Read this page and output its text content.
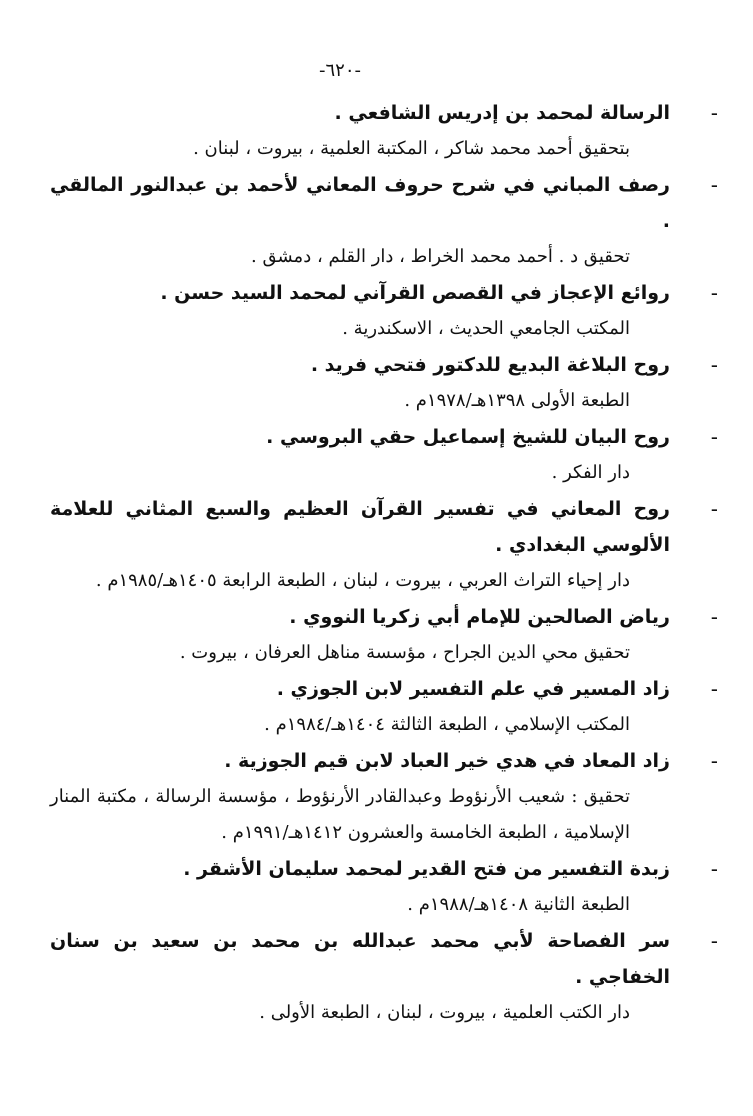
-٦٢٠-
-
الرسالة لمحمد بن إدريس الشافعي .
بتحقيق أحمد محمد شاكر ، المكتبة العلمية ، بيروت ، لبنان .
-
رصف المباني في شرح حروف المعاني لأحمد بن عبدالنور المالقي .
تحقيق د . أحمد محمد الخراط ، دار القلم ، دمشق .
-
روائع الإعجاز في القصص القرآني لمحمد السيد حسن .
المكتب الجامعي الحديث ، الاسكندرية .
-
روح البلاغة البديع للدكتور فتحي فريد .
الطبعة الأولى ١٣٩٨هـ/١٩٧٨م .
-
روح البيان للشيخ إسماعيل حقي البروسي .
دار الفكر .
-
روح المعاني في تفسير القرآن العظيم والسبع المثاني للعلامة الألوسي البغدادي .
دار إحياء التراث العربي ، بيروت ، لبنان ، الطبعة الرابعة ١٤٠٥هـ/١٩٨٥م .
-
رياض الصالحين للإمام أبي زكريا النووي .
تحقيق محي الدين الجراح ، مؤسسة مناهل العرفان ، بيروت .
-
زاد المسير في علم التفسير لابن الجوزي .
المكتب الإسلامي ، الطبعة الثالثة ١٤٠٤هـ/١٩٨٤م .
-
زاد المعاد في هدي خير العباد لابن قيم الجوزية .
تحقيق : شعيب الأرنؤوط وعبدالقادر الأرنؤوط ، مؤسسة الرسالة ، مكتبة المنار الإسلامية ، الطبعة الخامسة والعشرون ١٤١٢هـ/١٩٩١م .
-
زبدة التفسير من فتح القدير لمحمد سليمان الأشقر .
الطبعة الثانية ١٤٠٨هـ/١٩٨٨م .
-
سر الفصاحة لأبي محمد عبدالله بن محمد بن سعيد بن سنان الخفاجي .
دار الكتب العلمية ، بيروت ، لبنان ، الطبعة الأولى .
